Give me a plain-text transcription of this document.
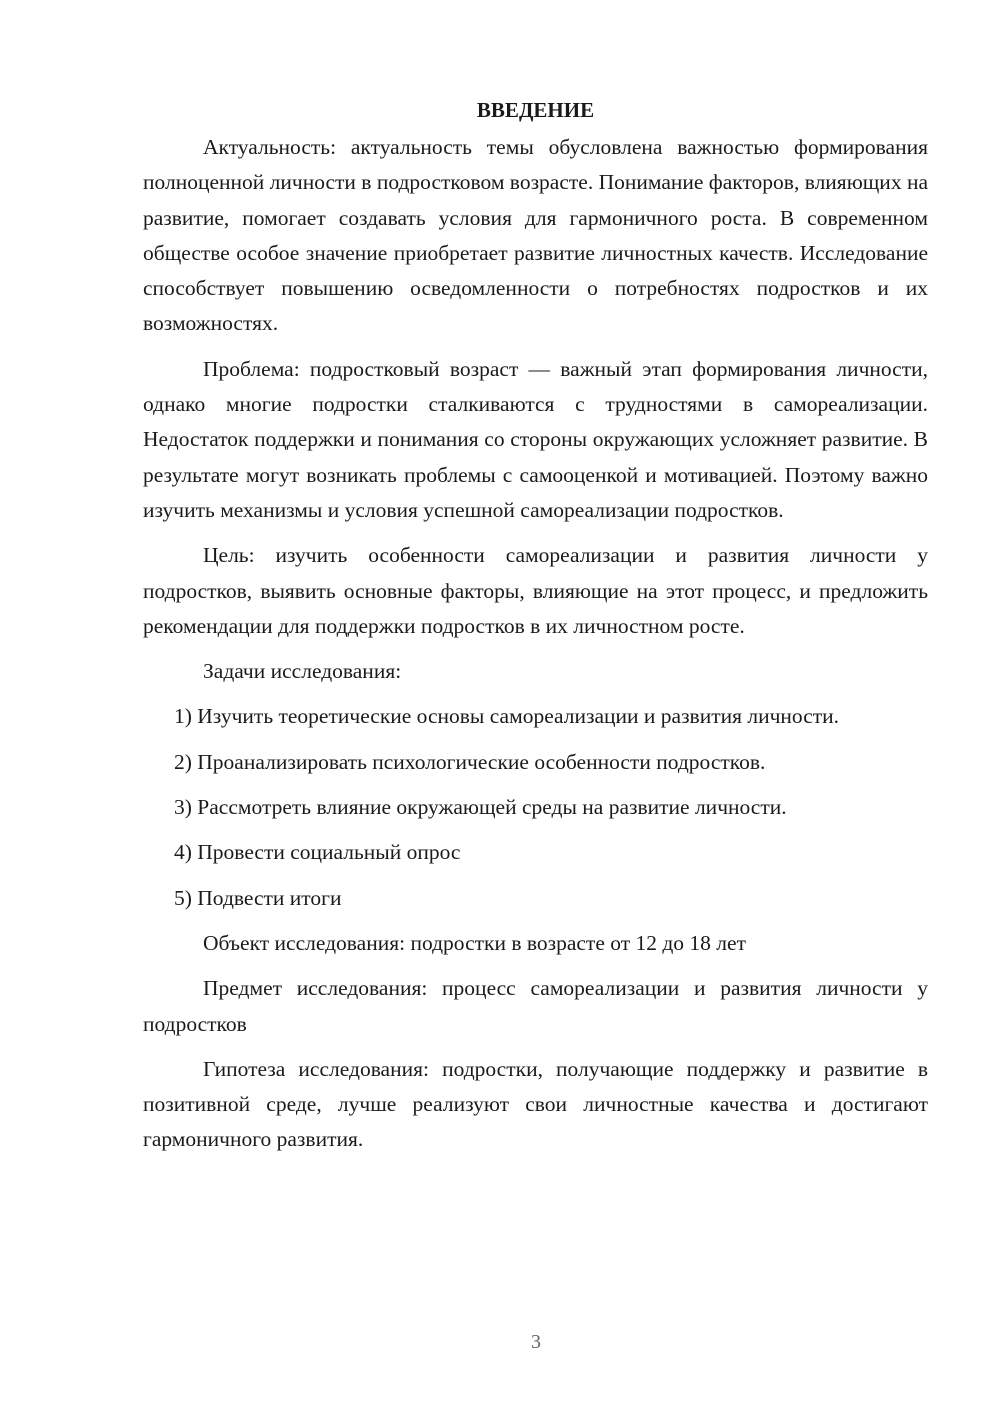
ВВЕДЕНИЕ

Актуальность: актуальность темы обусловлена важностью формирования полноценной личности в подростковом возрасте. Понимание факторов, влияющих на развитие, помогает создавать условия для гармоничного роста. В современном обществе особое значение приобретает развитие личностных качеств. Исследование способствует повышению осведомленности о потребностях подростков и их возможностях.

Проблема: подростковый возраст — важный этап формирования личности, однако многие подростки сталкиваются с трудностями в самореализации. Недостаток поддержки и понимания со стороны окружающих усложняет развитие. В результате могут возникать проблемы с самооценкой и мотивацией. Поэтому важно изучить механизмы и условия успешной самореализации подростков.

Цель: изучить особенности самореализации и развития личности у подростков, выявить основные факторы, влияющие на этот процесс, и предложить рекомендации для поддержки подростков в их личностном росте.

Задачи исследования:

1) Изучить теоретические основы самореализации и развития личности.

2) Проанализировать психологические особенности подростков.

3) Рассмотреть влияние окружающей среды на развитие личности.

4) Провести социальный опрос

5) Подвести итоги

Объект исследования: подростки в возрасте от 12 до 18 лет

Предмет исследования: процесс самореализации и развития личности у подростков

Гипотеза исследования: подростки, получающие поддержку и развитие в позитивной среде, лучше реализуют свои личностные качества и достигают гармоничного развития.

3
